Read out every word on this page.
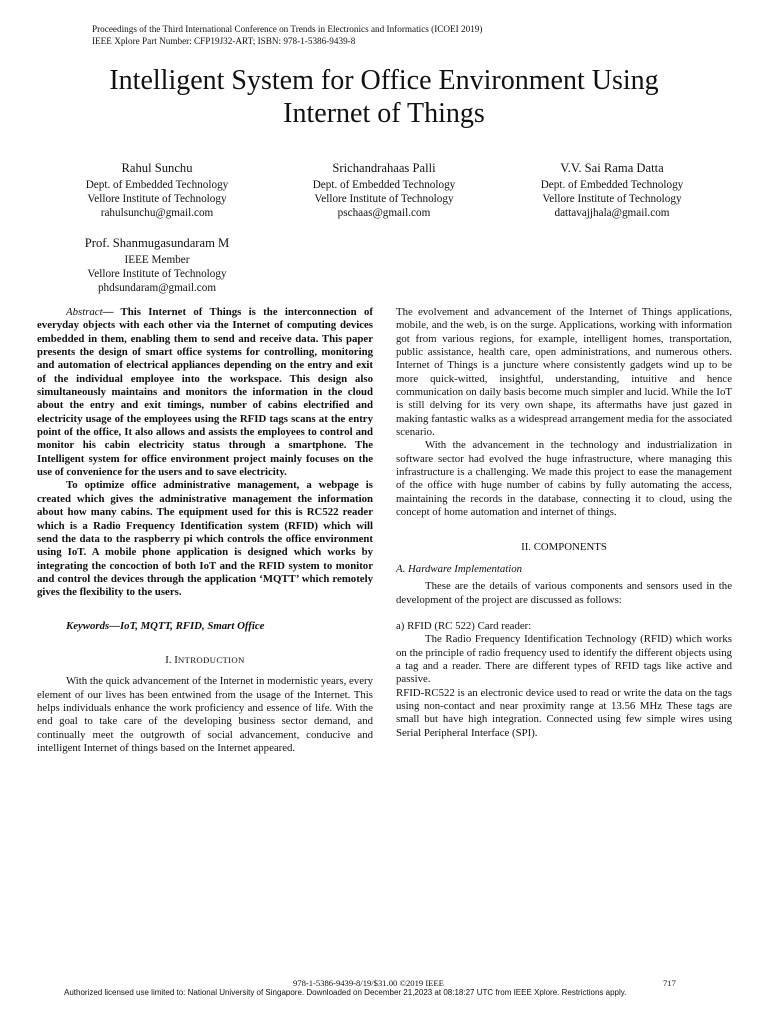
Proceedings of the Third International Conference on Trends in Electronics and Informatics (ICOEI 2019)
IEEE Xplore Part Number: CFP19J32-ART; ISBN: 978-1-5386-9439-8
Intelligent System for Office Environment Using
Internet of Things
Rahul Sunchu
Dept. of Embedded Technology
Vellore Institute of Technology
rahulsunchu@gmail.com
Srichandrahaas Palli
Dept. of Embedded Technology
Vellore Institute of Technology
pschaas@gmail.com
V.V. Sai Rama Datta
Dept. of Embedded Technology
Vellore Institute of Technology
dattavajjhala@gmail.com
Prof. Shanmugasundaram M
IEEE Member
Vellore Institute of Technology
phdsundaram@gmail.com

Abstract— This Internet of Things is the interconnection of everyday objects with each other via the Internet of computing devices embedded in them, enabling them to send and receive data. This paper presents the design of smart office systems for controlling, monitoring and automation of electrical appliances depending on the entry and exit of the individual employee into the workspace. This design also simultaneously maintains and monitors the information in the cloud about the entry and exit timings, number of cabins electrified and electricity usage of the employees using the RFID tags scans at the entry point of the office, It also allows and assists the employees to control and monitor his cabin electricity status through a smartphone. The Intelligent system for office environment project mainly focuses on the use of convenience for the users and to save electricity.

To optimize office administrative management, a webpage is created which gives the administrative management the information about how many cabins. The equipment used for this is RC522 reader which is a Radio Frequency Identification system (RFID) which will send the data to the raspberry pi which controls the office environment using IoT. A mobile phone application is designed which works by integrating the concoction of both IoT and the RFID system to monitor and control the devices through the application ‘MQTT’ which remotely gives the flexibility to the users.

Keywords—IoT, MQTT, RFID, Smart Office

I. INTRODUCTION

With the quick advancement of the Internet in modernistic years, every element of our lives has been entwined from the usage of the Internet. This helps individuals enhance the work proficiency and essence of life. With the end goal to take care of the developing business sector demand, and continually meet the outgrowth of social advancement, conducive and intelligent Internet of things based on the Internet appeared.

The evolvement and advancement of the Internet of Things applications, mobile, and the web, is on the surge. Applications, working with information got from various regions, for example, intelligent homes, transportation, public assistance, health care, open administrations, and numerous others. Internet of Things is a juncture where consistently gadgets wind up to be more quick-witted, insightful, understanding, intuitive and hence communication on daily basis become much simpler and lucid. While the IoT is still delving for its very own shape, its aftermaths have just gazed in making fantastic walks as a widespread arrangement media for the associated scenario.

With the advancement in the technology and industrialization in software sector had evolved the huge infrastructure, where managing this infrastructure is a challenging. We made this project to ease the management of the office with huge number of cabins by fully automating the access, maintaining the records in the database, connecting it to cloud, using the concept of home automation and internet of things.

II. COMPONENTS

A. Hardware Implementation

These are the details of various components and sensors used in the development of the project are discussed as follows:

a) RFID (RC 522) Card reader:

The Radio Frequency Identification Technology (RFID) which works on the principle of radio frequency used to identify the different objects using a tag and a reader. There are different types of RFID tags like active and passive.

RFID-RC522 is an electronic device used to read or write the data on the tags using non-contact and near proximity range at 13.56 MHz These tags are small but have high integration. Connected using few simple wires using Serial Peripheral Interface (SPI).

978-1-5386-9439-8/19/$31.00 ©2019 IEEE	717
Authorized licensed use limited to: National University of Singapore. Downloaded on December 21,2023 at 08:18:27 UTC from IEEE Xplore. Restrictions apply.
